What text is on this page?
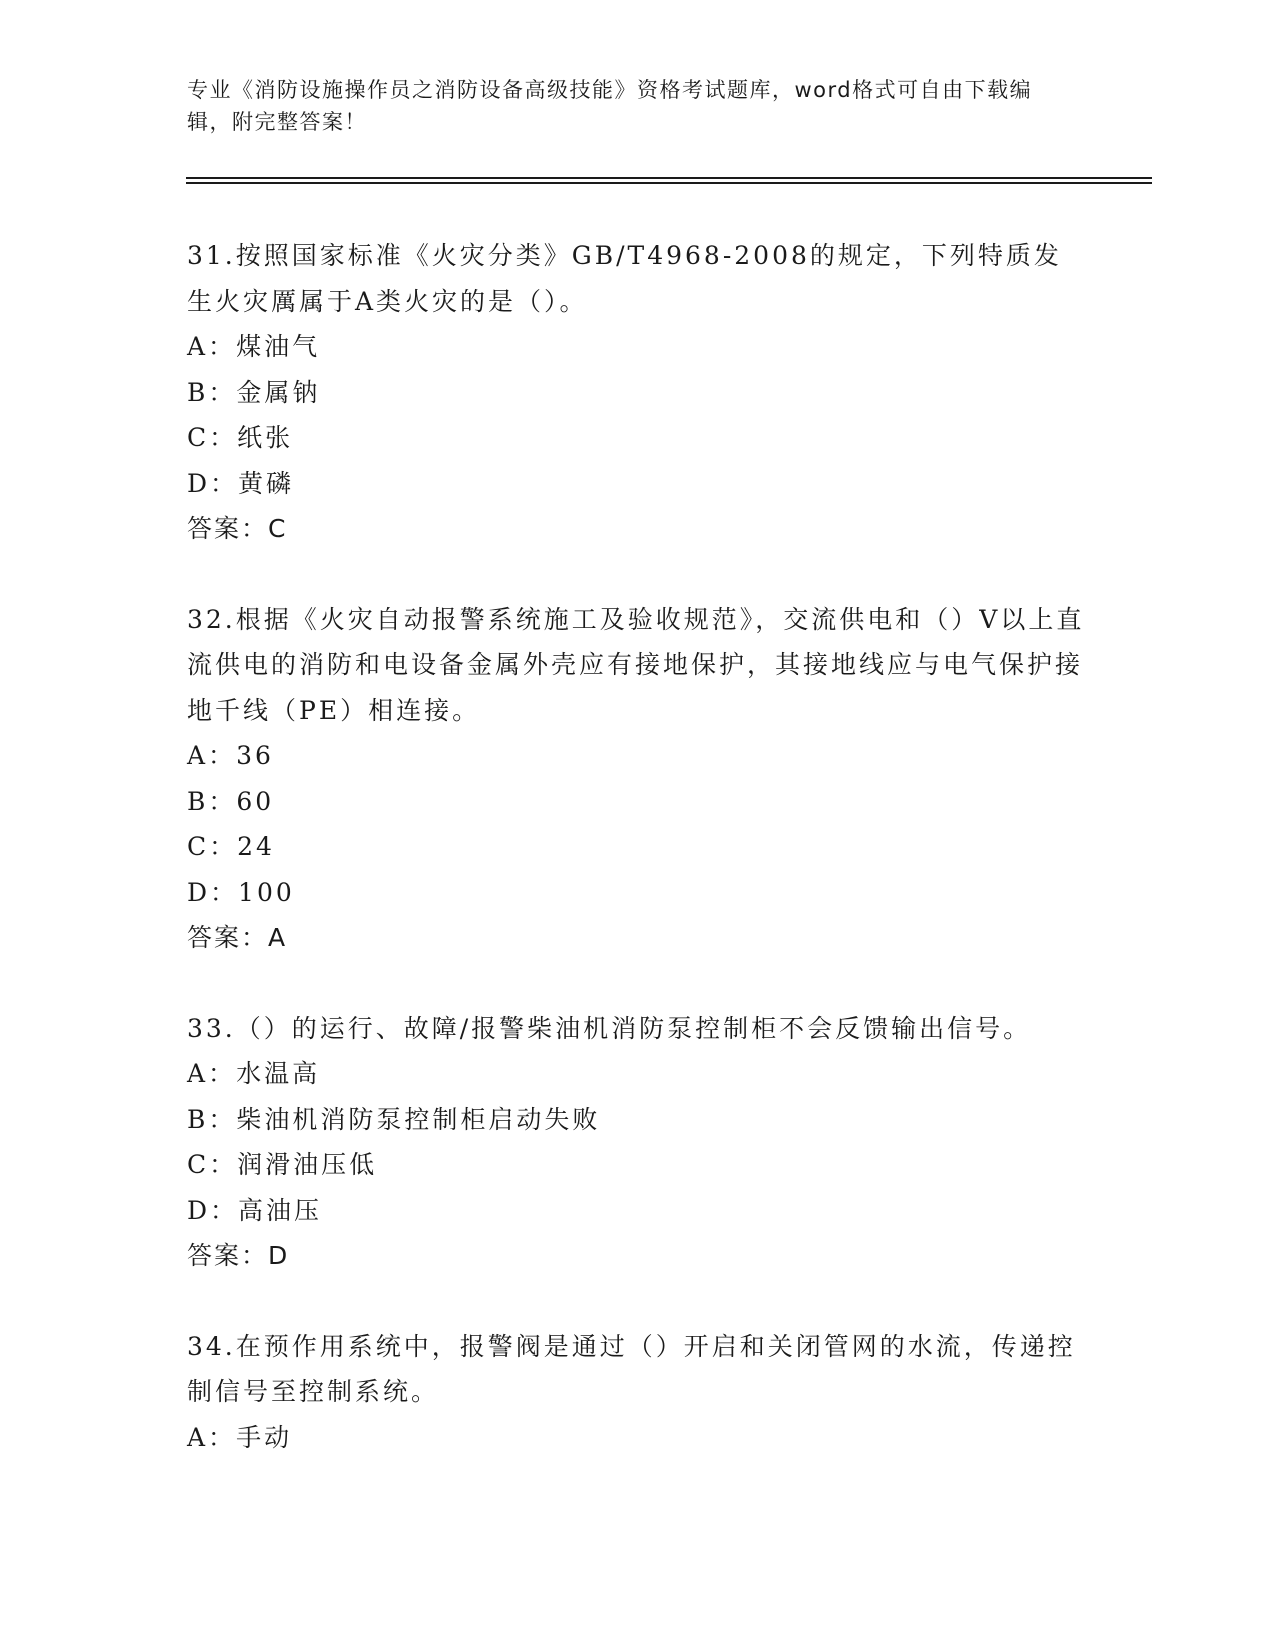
专业《消防设施操作员之消防设备高级技能》资格考试题库，word格式可自由下载编辑，附完整答案！
31.按照国家标准《火灾分类》GB/T4968-2008的规定，下列特质发生火灾厲属于A类火灾的是（）。
A：煤油气
B：金属钠
C：纸张
D：黄磷
答案：C
32.根据《火灾自动报警系统施工及验收规范》，交流供电和（）V以上直流供电的消防和电设备金属外壳应有接地保护，其接地线应与电气保护接地千线（PE）相连接。
A：36
B：60
C：24
D：100
答案：A
33.（）的运行、故障/报警柴油机消防泵控制柜不会反馈输出信号。
A：水温高
B：柴油机消防泵控制柜启动失败
C：润滑油压低
D：高油压
答案：D
34.在预作用系统中，报警阀是通过（）开启和关闭管网的水流，传递控制信号至控制系统。
A：手动
